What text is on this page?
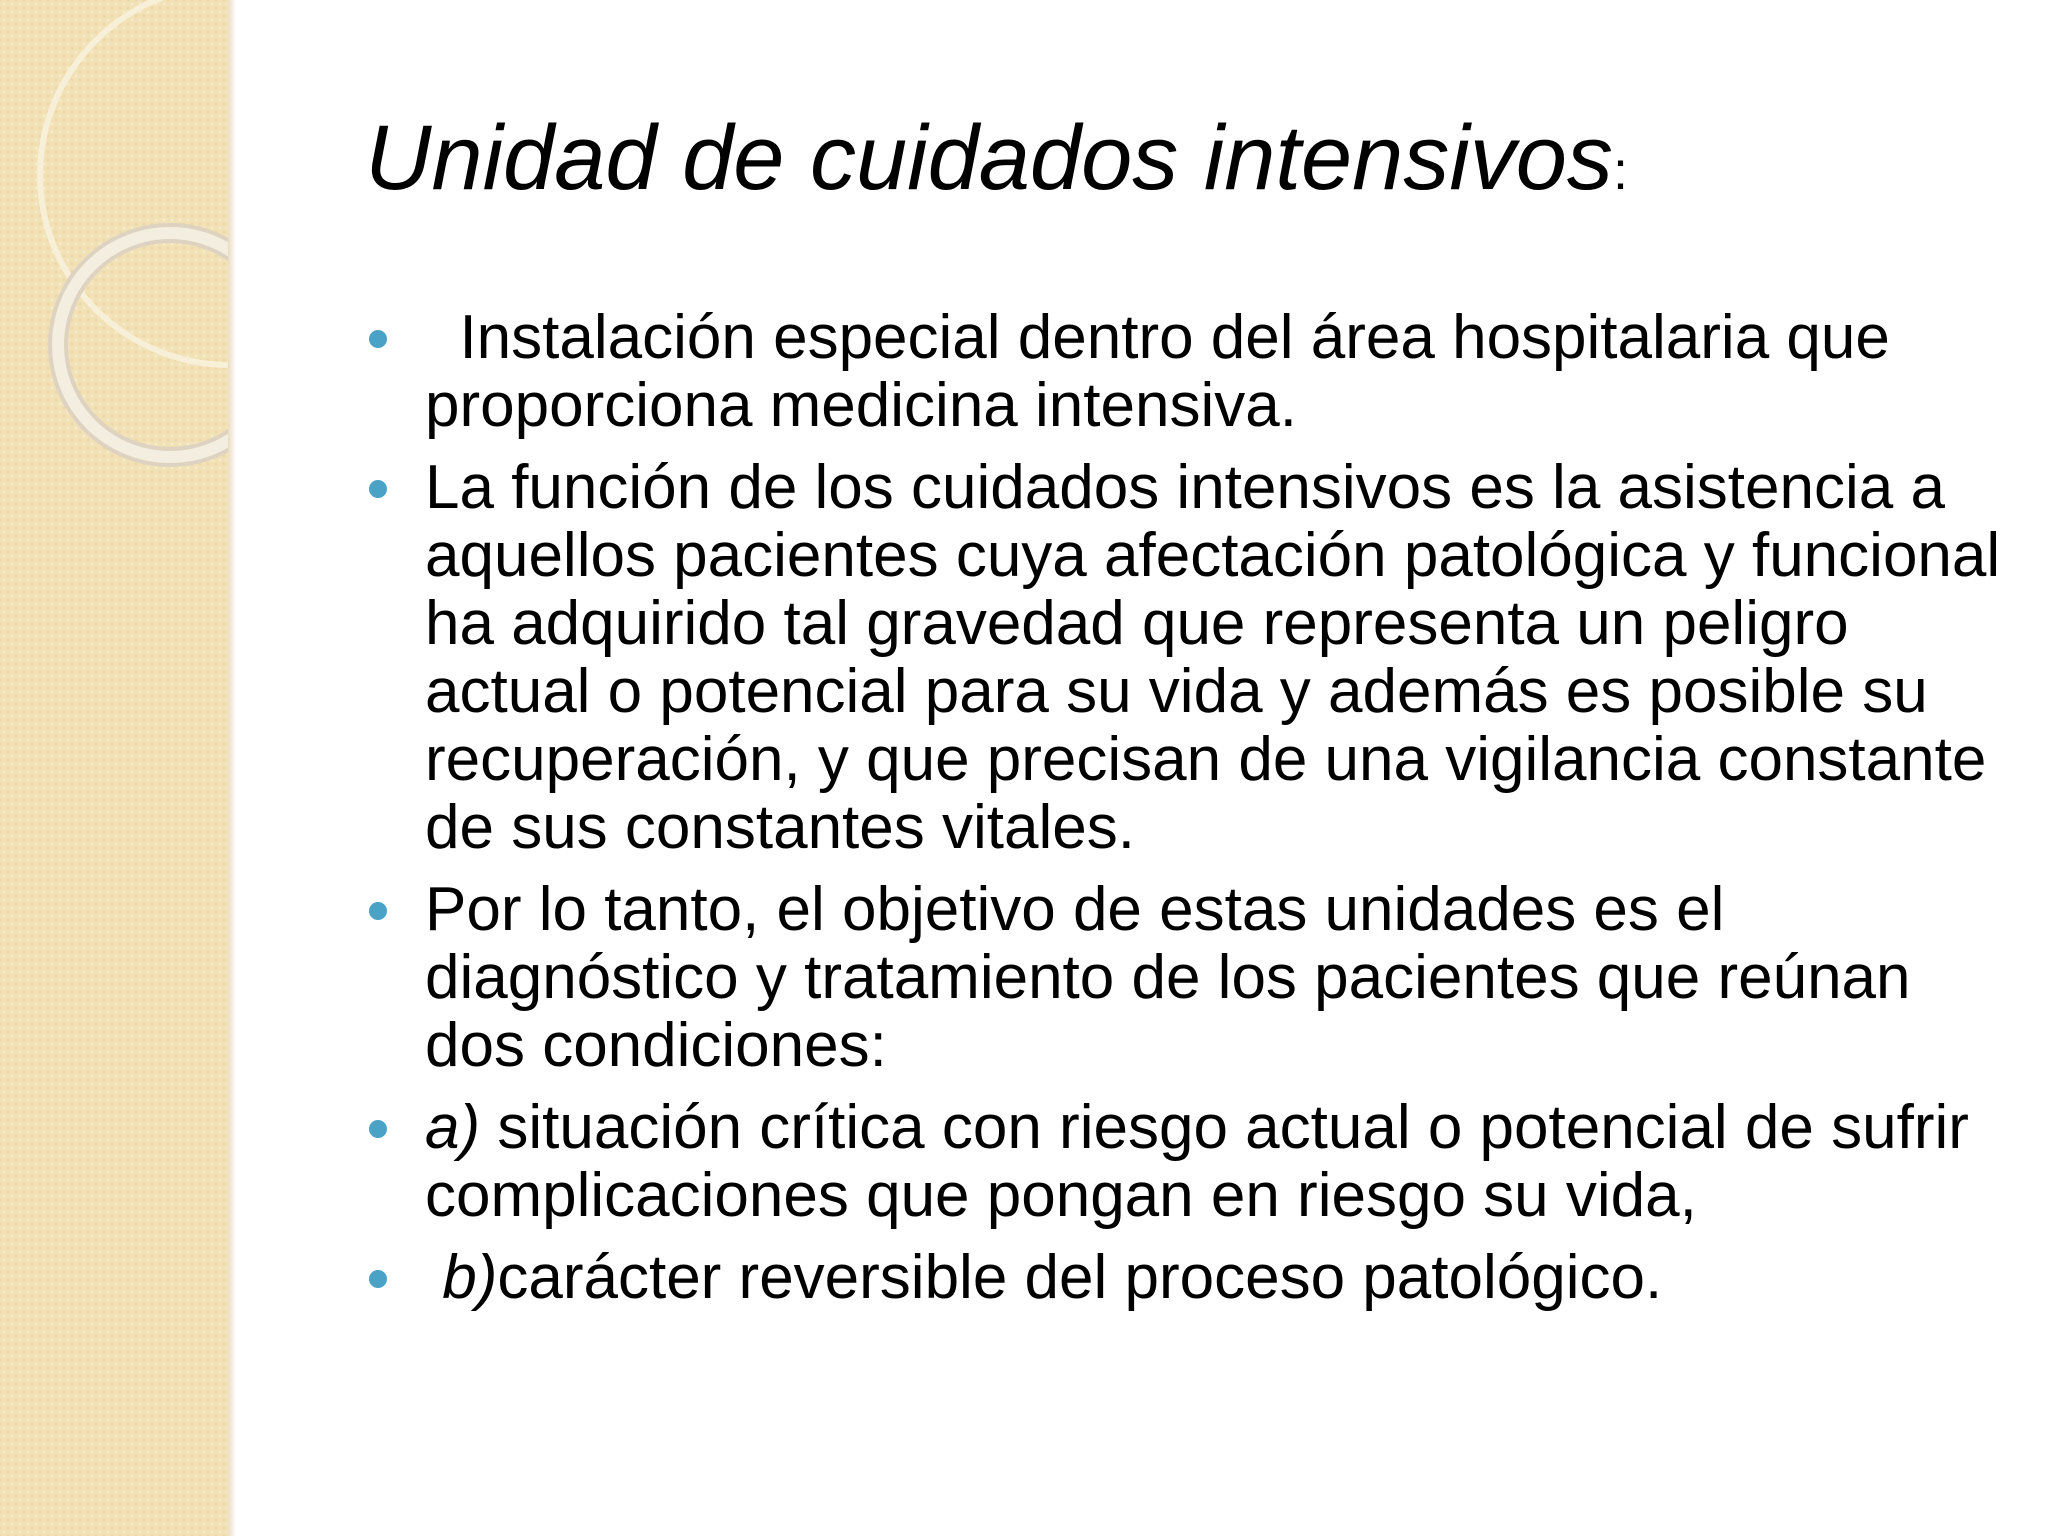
Unidad de cuidados intensivos:
Instalación especial dentro del área hospitalaria que proporciona medicina intensiva.
La función de los cuidados intensivos es la asistencia a aquellos pacientes cuya afectación patológica y funcional ha adquirido tal gravedad que representa un peligro actual o potencial para su vida y además es posible su recuperación, y que precisan de una vigilancia constante de sus constantes vitales.
Por lo tanto, el objetivo de estas unidades es el diagnóstico y tratamiento de los pacientes que reúnan dos condiciones:
a) situación crítica con riesgo actual o potencial de sufrir complicaciones que pongan en riesgo su vida,
b)carácter reversible del proceso patológico.
